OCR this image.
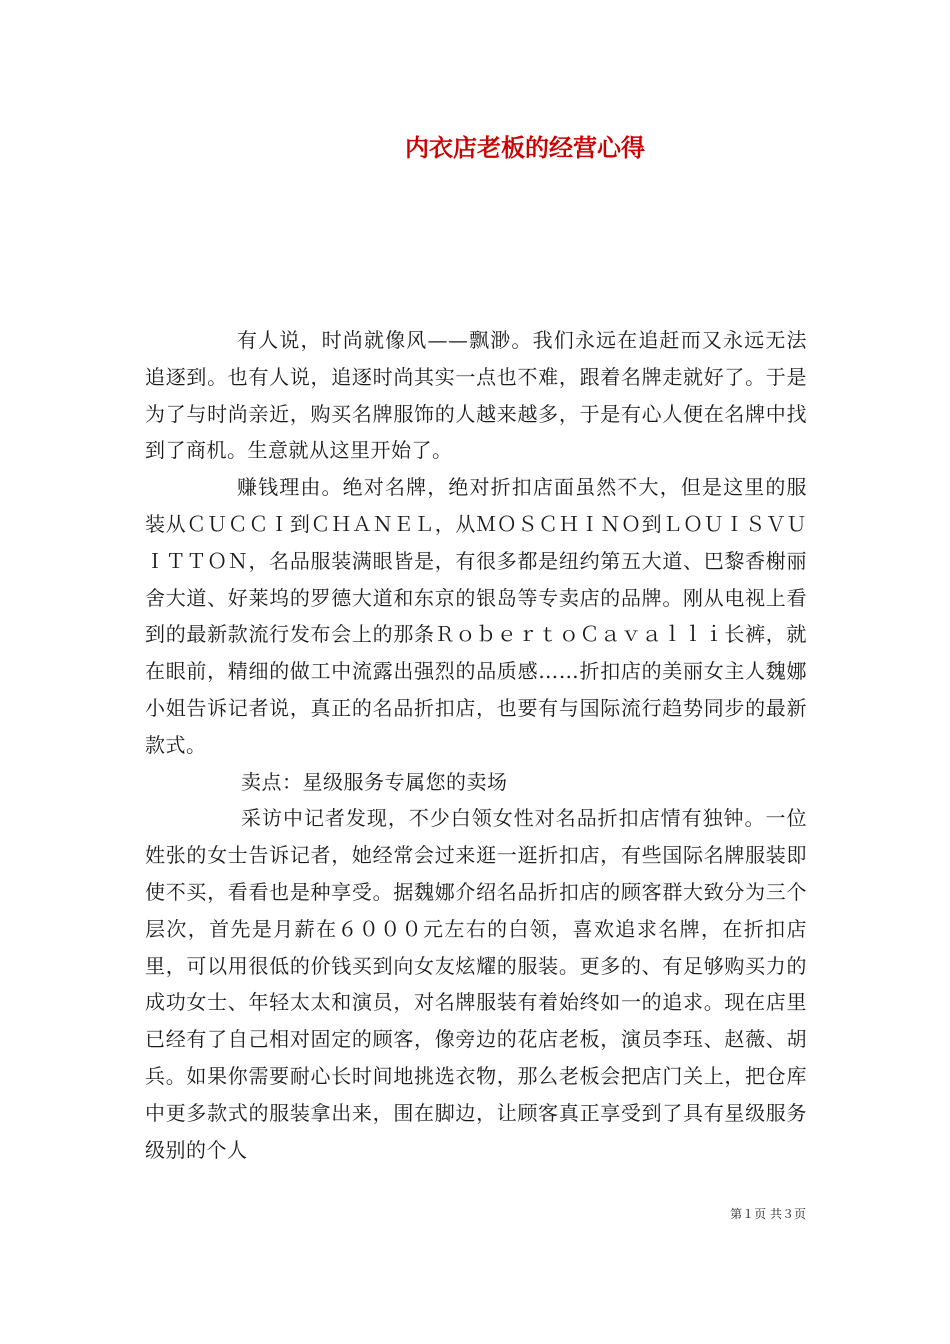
内衣店老板的经营心得

有人说，时尚就像风——飘渺。我们永远在追赶而又永远无法追逐到。也有人说，追逐时尚其实一点也不难，跟着名牌走就好了。于是为了与时尚亲近，购买名牌服饰的人越来越多，于是有心人便在名牌中找到了商机。生意就从这里开始了。

赚钱理由。绝对名牌，绝对折扣店面虽然不大，但是这里的服装从ＣＵＣＣＩ到ＣＨＡＮＥＬ，从ＭＯＳＣＨＩＮＯ到ＬＯＵＩＳＶＵＩＴＴＯＮ，名品服装满眼皆是，有很多都是纽约第五大道、巴黎香榭丽舍大道、好莱坞的罗德大道和东京的银岛等专卖店的品牌。刚从电视上看到的最新款流行发布会上的那条ＲｏｂｅｒｔｏＣａｖａｌｌｉ长裤，就在眼前，精细的做工中流露出强烈的品质感……折扣店的美丽女主人魏娜小姐告诉记者说，真正的名品折扣店，也要有与国际流行趋势同步的最新款式。

卖点：星级服务专属您的卖场

采访中记者发现，不少白领女性对名品折扣店情有独钟。一位姓张的女士告诉记者，她经常会过来逛一逛折扣店，有些国际名牌服装即使不买，看看也是种享受。据魏娜介绍名品折扣店的顾客群大致分为三个层次，首先是月薪在６０００元左右的白领，喜欢追求名牌，在折扣店里，可以用很低的价钱买到向女友炫耀的服装。更多的、有足够购买力的成功女士、年轻太太和演员，对名牌服装有着始终如一的追求。现在店里已经有了自己相对固定的顾客，像旁边的花店老板，演员李珏、赵薇、胡兵。如果你需要耐心长时间地挑选衣物，那么老板会把店门关上，把仓库中更多款式的服装拿出来，围在脚边，让顾客真正享受到了具有星级服务级别的个人

第１页 共３页
